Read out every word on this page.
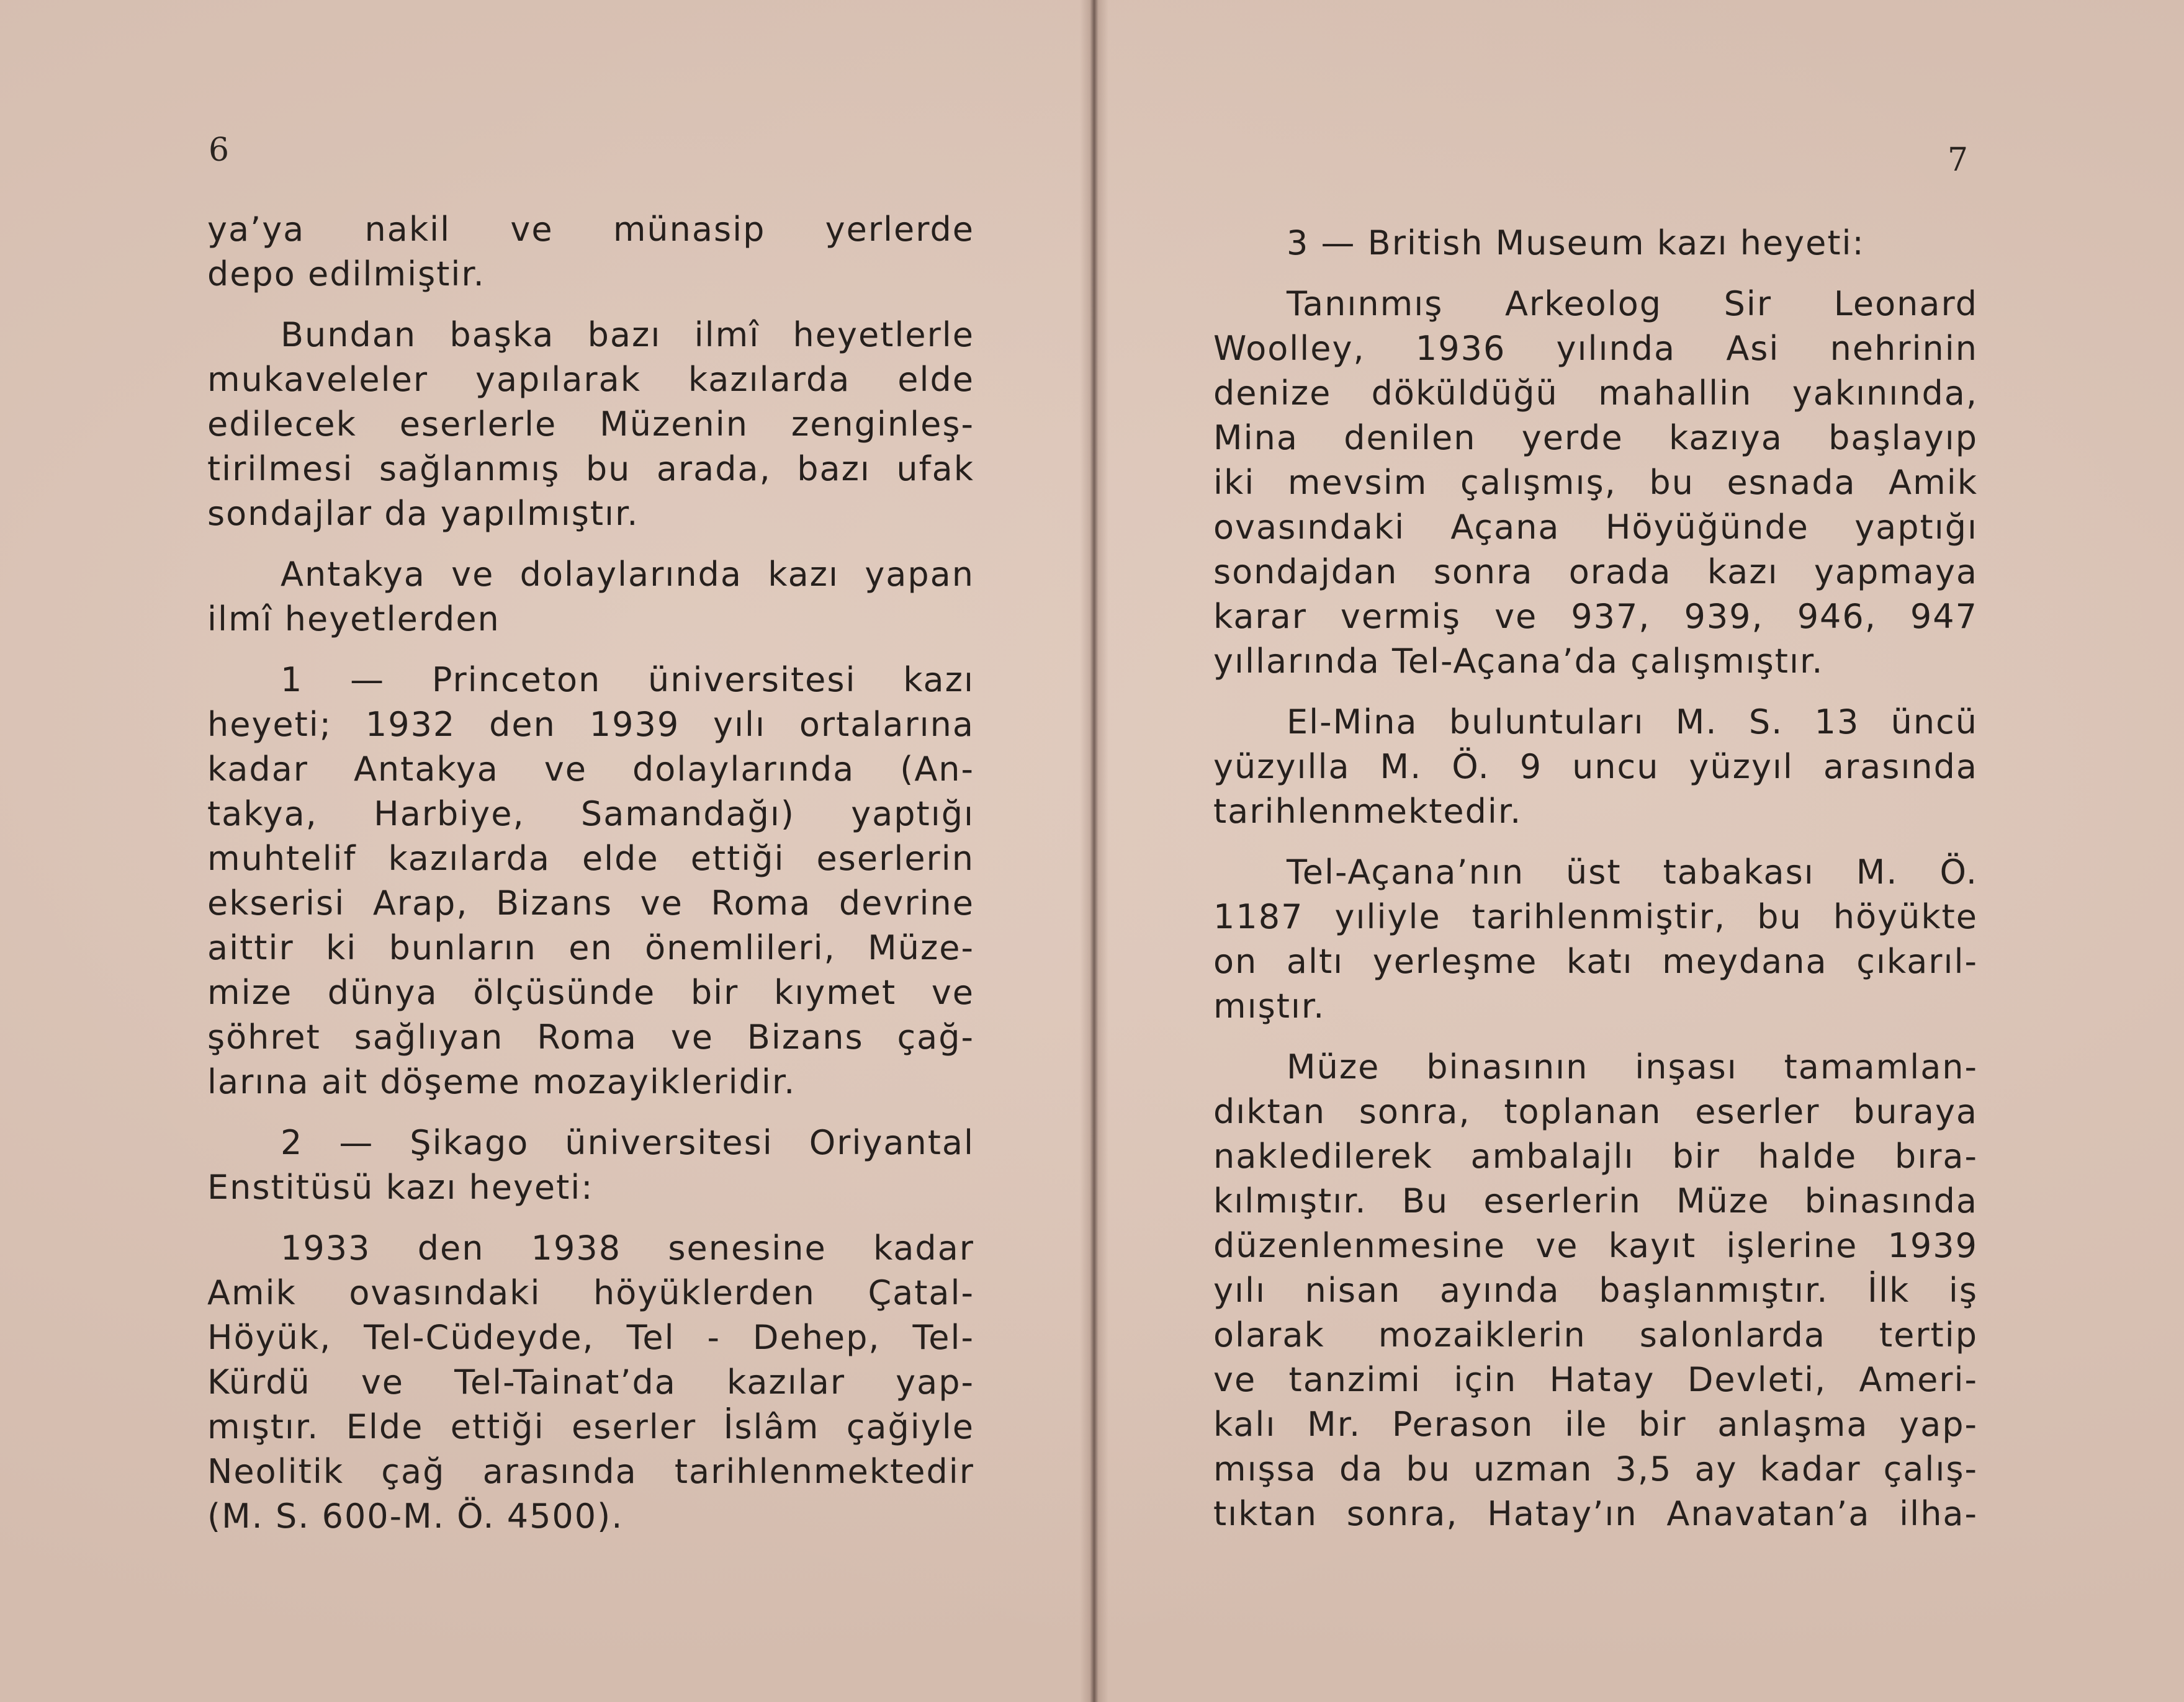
6
ya’ya nakil ve münasip yerlerde
depo edilmiştir.
Bundan başka bazı ilmî heyetlerle
mukaveleler yapılarak kazılarda elde
edilecek eserlerle Müzenin zenginleş-
tirilmesi sağlanmış bu arada, bazı ufak
sondajlar da yapılmıştır.
Antakya ve dolaylarında kazı yapan
ilmî heyetlerden
1 — Princeton üniversitesi kazı
heyeti; 1932 den 1939 yılı ortalarına
kadar Antakya ve dolaylarında (An-
takya, Harbiye, Samandağı) yaptığı
muhtelif kazılarda elde ettiği eserlerin
ekserisi Arap, Bizans ve Roma devrine
aittir ki bunların en önemlileri, Müze-
mize dünya ölçüsünde bir kıymet ve
şöhret sağlıyan Roma ve Bizans çağ-
larına ait döşeme mozayikleridir.
2 — Şikago üniversitesi Oriyantal
Enstitüsü kazı heyeti:
1933 den 1938 senesine kadar
Amik ovasındaki höyüklerden Çatal-
Höyük, Tel-Cüdeyde, Tel - Dehep, Tel-
Kürdü ve Tel-Tainat’da kazılar yap-
mıştır. Elde ettiği eserler İslâm çağiyle
Neolitik çağ arasında tarihlenmektedir
(M. S. 600-M. Ö. 4500).
7
3 — British Museum kazı heyeti:
Tanınmış Arkeolog Sir Leonard
Woolley, 1936 yılında Asi nehrinin
denize döküldüğü mahallin yakınında,
Mina denilen yerde kazıya başlayıp
iki mevsim çalışmış, bu esnada Amik
ovasındaki Açana Höyüğünde yaptığı
sondajdan sonra orada kazı yapmaya
karar vermiş ve 937, 939, 946, 947
yıllarında Tel-Açana’da çalışmıştır.
El-Mina buluntuları M. S. 13 üncü
yüzyılla M. Ö. 9 uncu yüzyıl arasında
tarihlenmektedir.
Tel-Açana’nın üst tabakası M. Ö.
1187 yıliyle tarihlenmiştir, bu höyükte
on altı yerleşme katı meydana çıkarıl-
mıştır.
Müze binasının inşası tamamlan-
dıktan sonra, toplanan eserler buraya
nakledilerek ambalajlı bir halde bıra-
kılmıştır. Bu eserlerin Müze binasında
düzenlenmesine ve kayıt işlerine 1939
yılı nisan ayında başlanmıştır. İlk iş
olarak mozaiklerin salonlarda tertip
ve tanzimi için Hatay Devleti, Ameri-
kalı Mr. Perason ile bir anlaşma yap-
mışsa da bu uzman 3,5 ay kadar çalış-
tıktan sonra, Hatay’ın Anavatan’a ilha-
